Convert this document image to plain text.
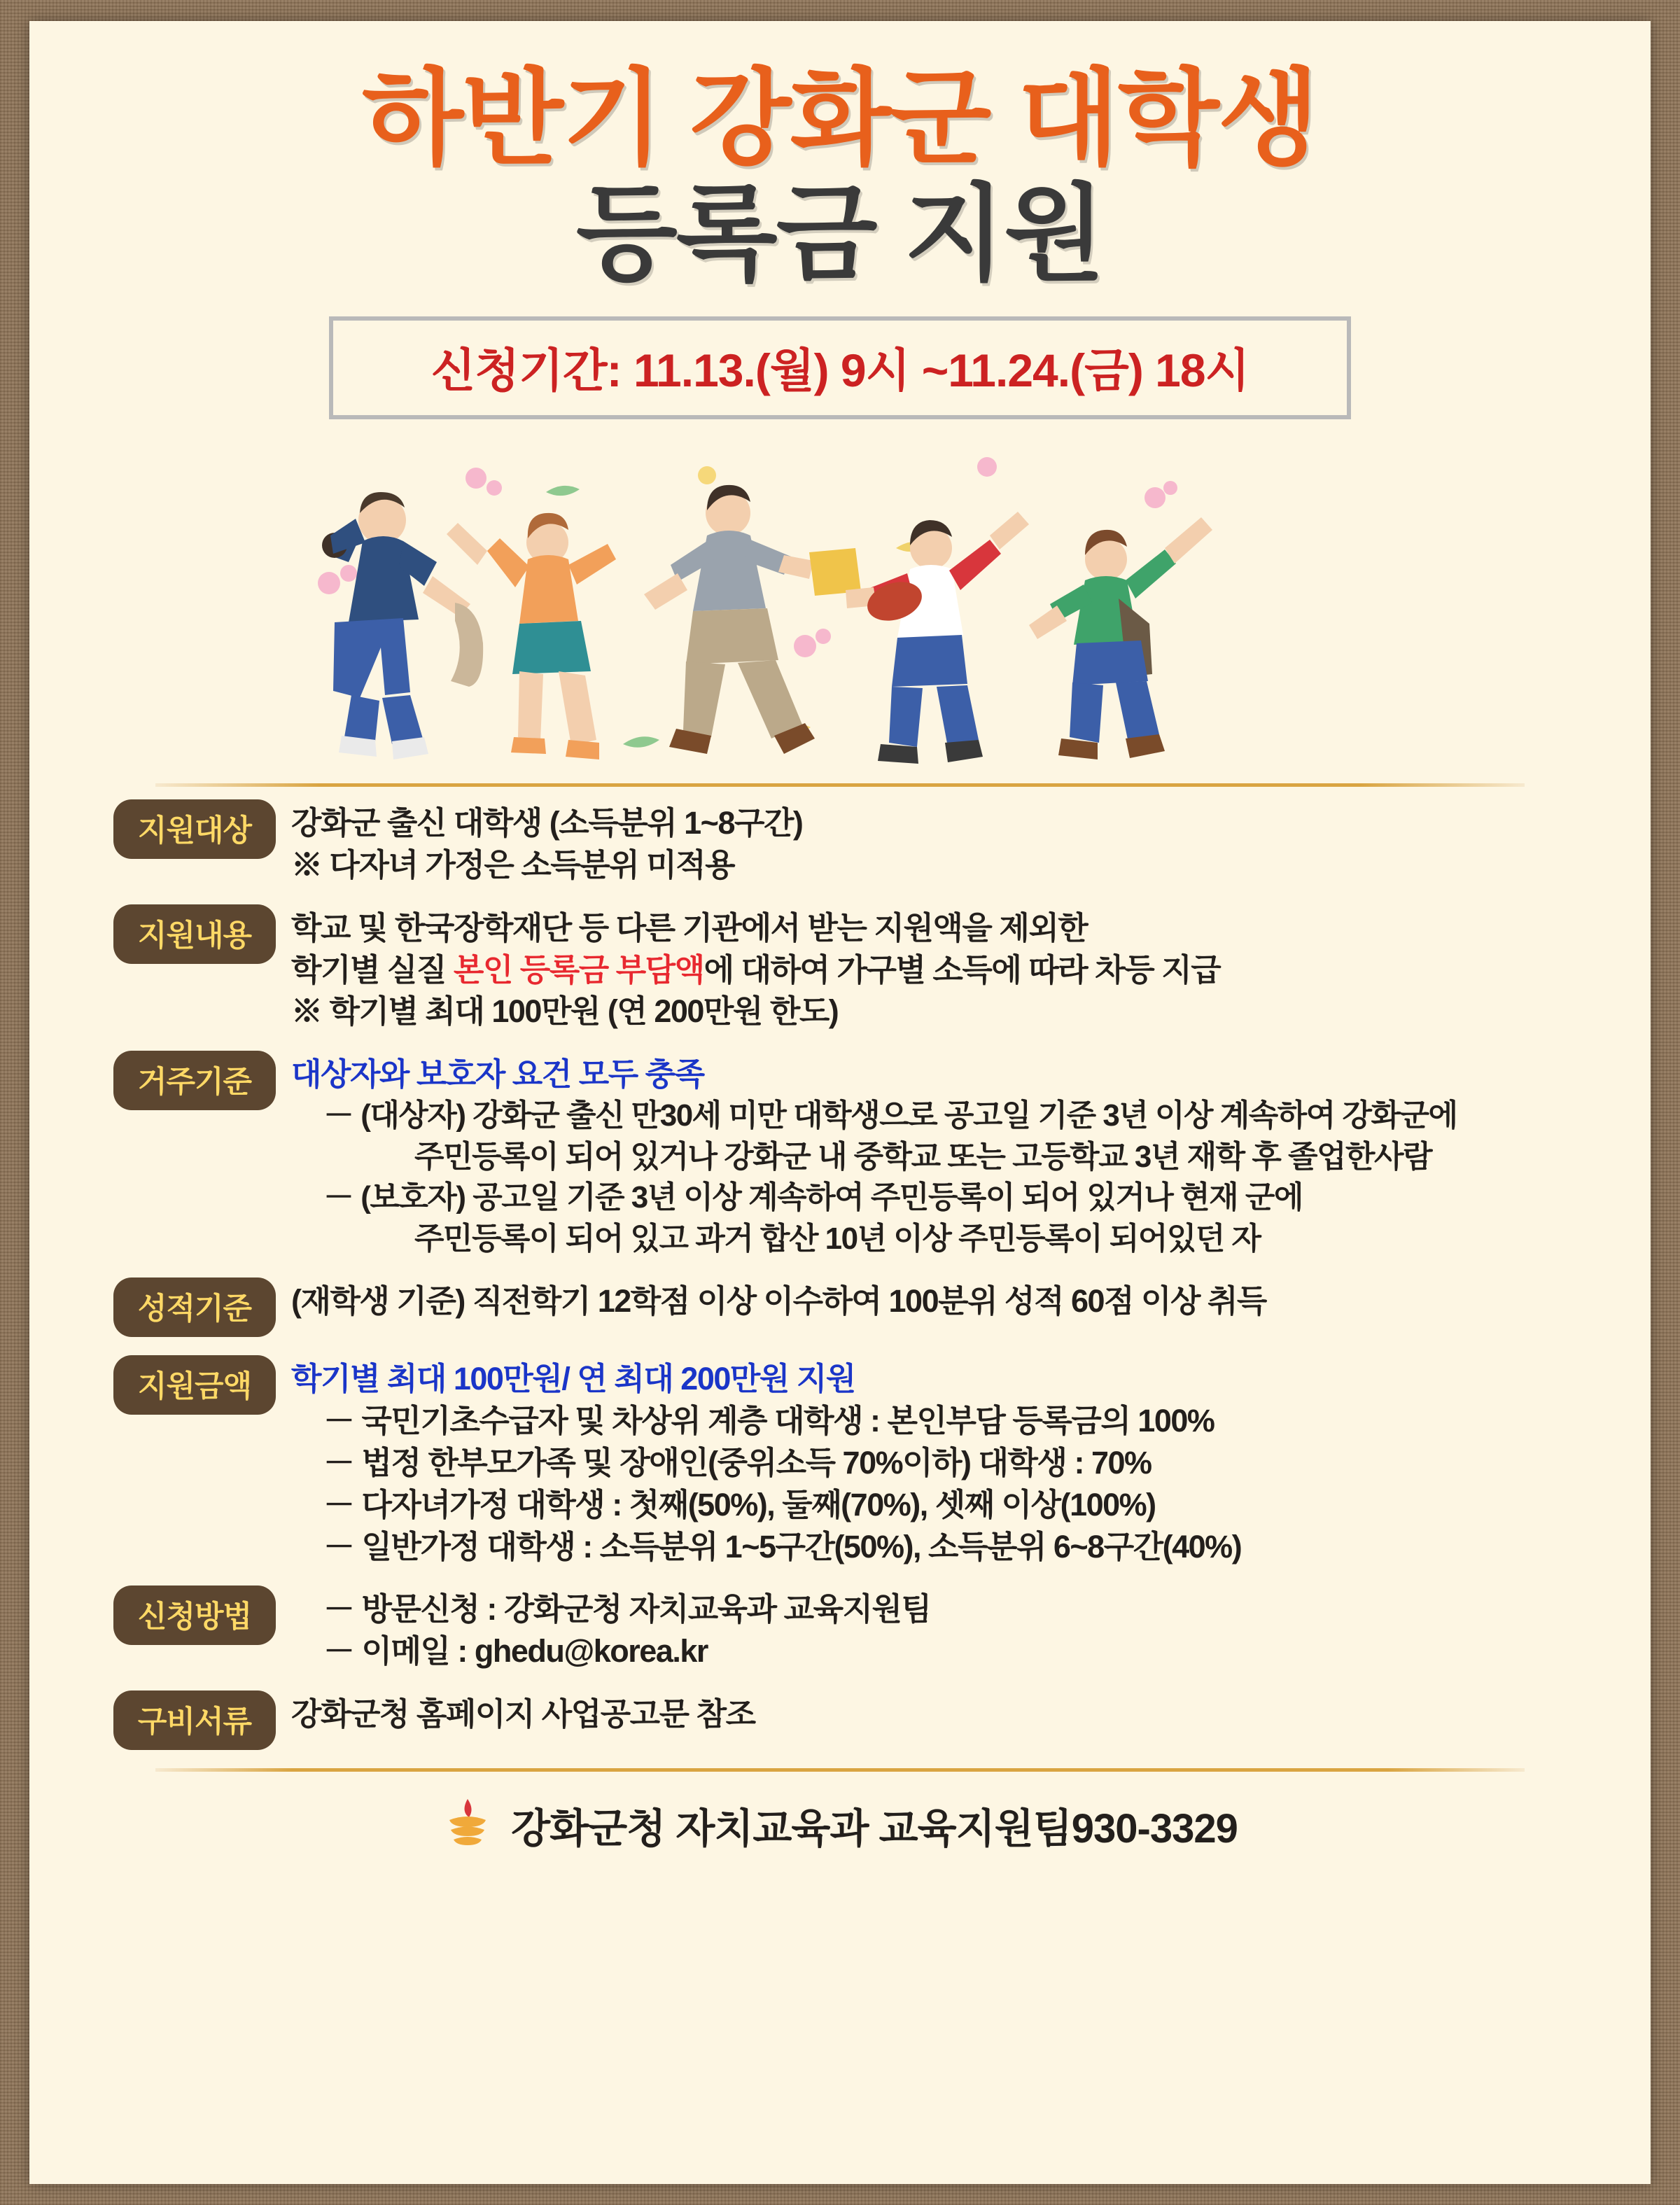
하반기 강화군 대학생
등록금 지원
신청기간: 11.13.(월) 9시 ~11.24.(금) 18시
지원대상	강화군 출신 대학생 (소득분위 1~8구간)
※ 다자녀 가정은 소득분위 미적용
지원내용	학교 및 한국장학재단 등 다른 기관에서 받는 지원액을 제외한
학기별 실질 본인 등록금 부담액에 대하여 가구별 소득에 따라 차등 지급
※ 학기별 최대 100만원 (연 200만원 한도)
거주기준	대상자와 보호자 요건 모두 충족
－ (대상자) 강화군 출신 만30세 미만 대학생으로 공고일 기준 3년 이상 계속하여 강화군에
주민등록이 되어 있거나 강화군 내 중학교 또는 고등학교 3년 재학 후 졸업한사람
－ (보호자) 공고일 기준 3년 이상 계속하여 주민등록이 되어 있거나 현재 군에
주민등록이 되어 있고 과거 합산 10년 이상 주민등록이 되어있던 자
성적기준	(재학생 기준) 직전학기 12학점 이상 이수하여 100분위 성적 60점 이상 취득
지원금액	학기별 최대 100만원/ 연 최대 200만원 지원
－ 국민기초수급자 및 차상위 계층 대학생 : 본인부담 등록금의 100%
－ 법정 한부모가족 및 장애인(중위소득 70%이하) 대학생 : 70%
－ 다자녀가정 대학생 : 첫째(50%), 둘째(70%), 셋째 이상(100%)
－ 일반가정 대학생 : 소득분위 1~5구간(50%), 소득분위 6~8구간(40%)
신청방법	－ 방문신청 : 강화군청 자치교육과 교육지원팀
－ 이메일 : ghedu@korea.kr
구비서류	강화군청 홈페이지 사업공고문 참조
강화군청 자치교육과 교육지원팀930-3329
